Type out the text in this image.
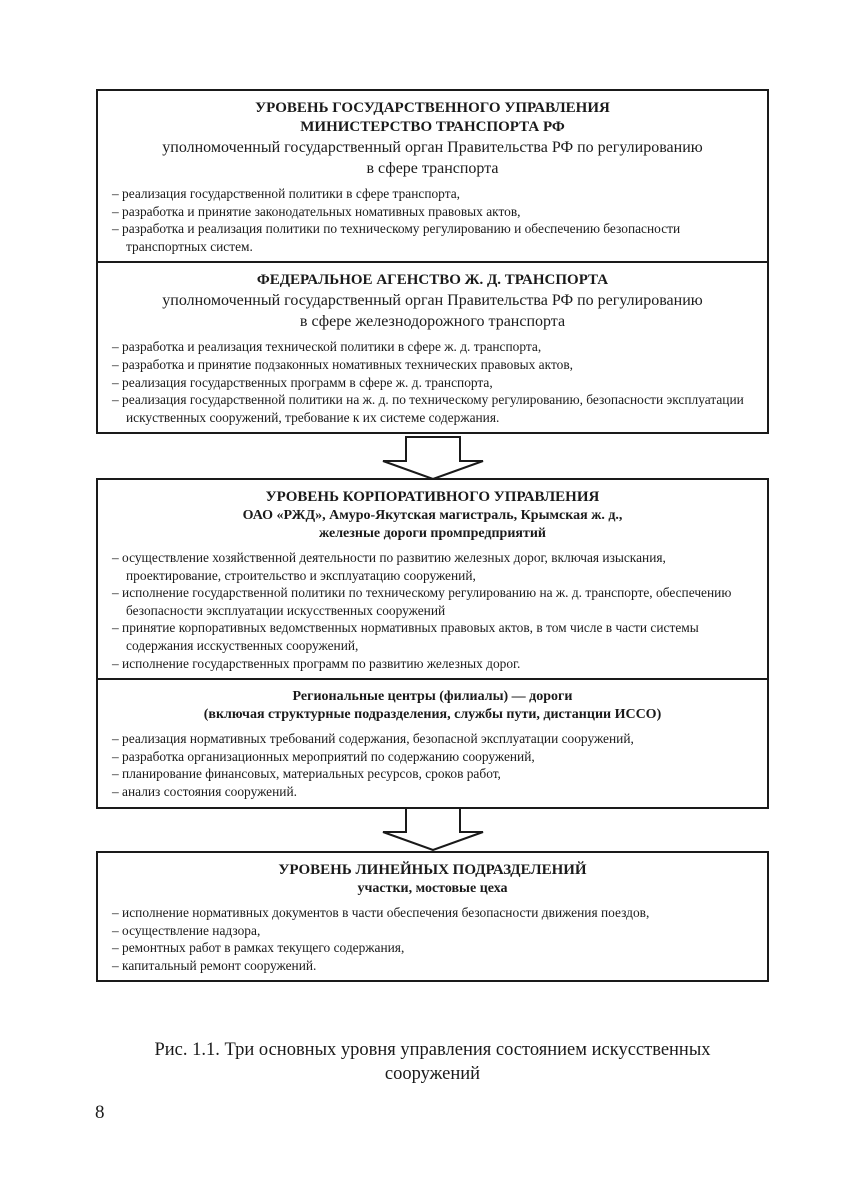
УРОВЕНЬ ГОСУДАРСТВЕННОГО УПРАВЛЕНИЯ

МИНИСТЕРСТВО ТРАНСПОРТА РФ

уполномоченный государственный орган Правительства РФ по регулированию

в сфере транспорта

– реализация государственной политики в сфере транспорта,
– разработка и принятие законодательных номативных правовых актов,
– разработка и реализация политики по техническому регулированию и обеспечению безопасности транспортных систем.

ФЕДЕРАЛЬНОЕ АГЕНСТВО Ж. Д. ТРАНСПОРТА

уполномоченный государственный орган Правительства РФ по регулированию

в сфере железнодорожного транспорта

– разработка и реализация технической политики в сфере ж. д. транспорта,
– разработка и принятие подзаконных номативных технических правовых актов,
– реализация государственных программ в сфере ж. д. транспорта,
– реализация государственной политики на ж. д. по техническому регулированию, безопасности эксплуатации искуственных сооружений, требование к их системе содержания.

УРОВЕНЬ КОРПОРАТИВНОГО УПРАВЛЕНИЯ

ОАО «РЖД», Амуро-Якутская магистраль, Крымская ж. д.,

железные дороги промпредприятий

– осуществление хозяйственной деятельности по развитию железных дорог, включая изыскания, проектирование, строительство и эксплуатацию сооружений,
– исполнение государственной политики по техническому регулированию на ж. д. транспорте, обеспечению безопасности эксплуатации искусственных сооружений
– принятие корпоративных ведомственных нормативных правовых актов, в том числе в части системы содержания исскуственных сооружений,
– исполнение государственных программ по развитию железных дорог.

Региональные центры (филиалы) — дороги

(включая структурные подразделения, службы пути, дистанции ИССО)

– реализация нормативных требований содержания, безопасной эксплуатации сооружений,
– разработка организационных мероприятий по содержанию сооружений,
– планирование финансовых, материальных ресурсов, сроков работ,
– анализ состояния сооружений.

УРОВЕНЬ ЛИНЕЙНЫХ ПОДРАЗДЕЛЕНИЙ

участки, мостовые цеха

– исполнение нормативных документов в части обеспечения безопасности движения поездов,
– осуществление надзора,
– ремонтных работ в рамках текущего содержания,
– капитальный ремонт сооружений.

Рис. 1.1. Три основных уровня управления состоянием искусственных сооружений

8
